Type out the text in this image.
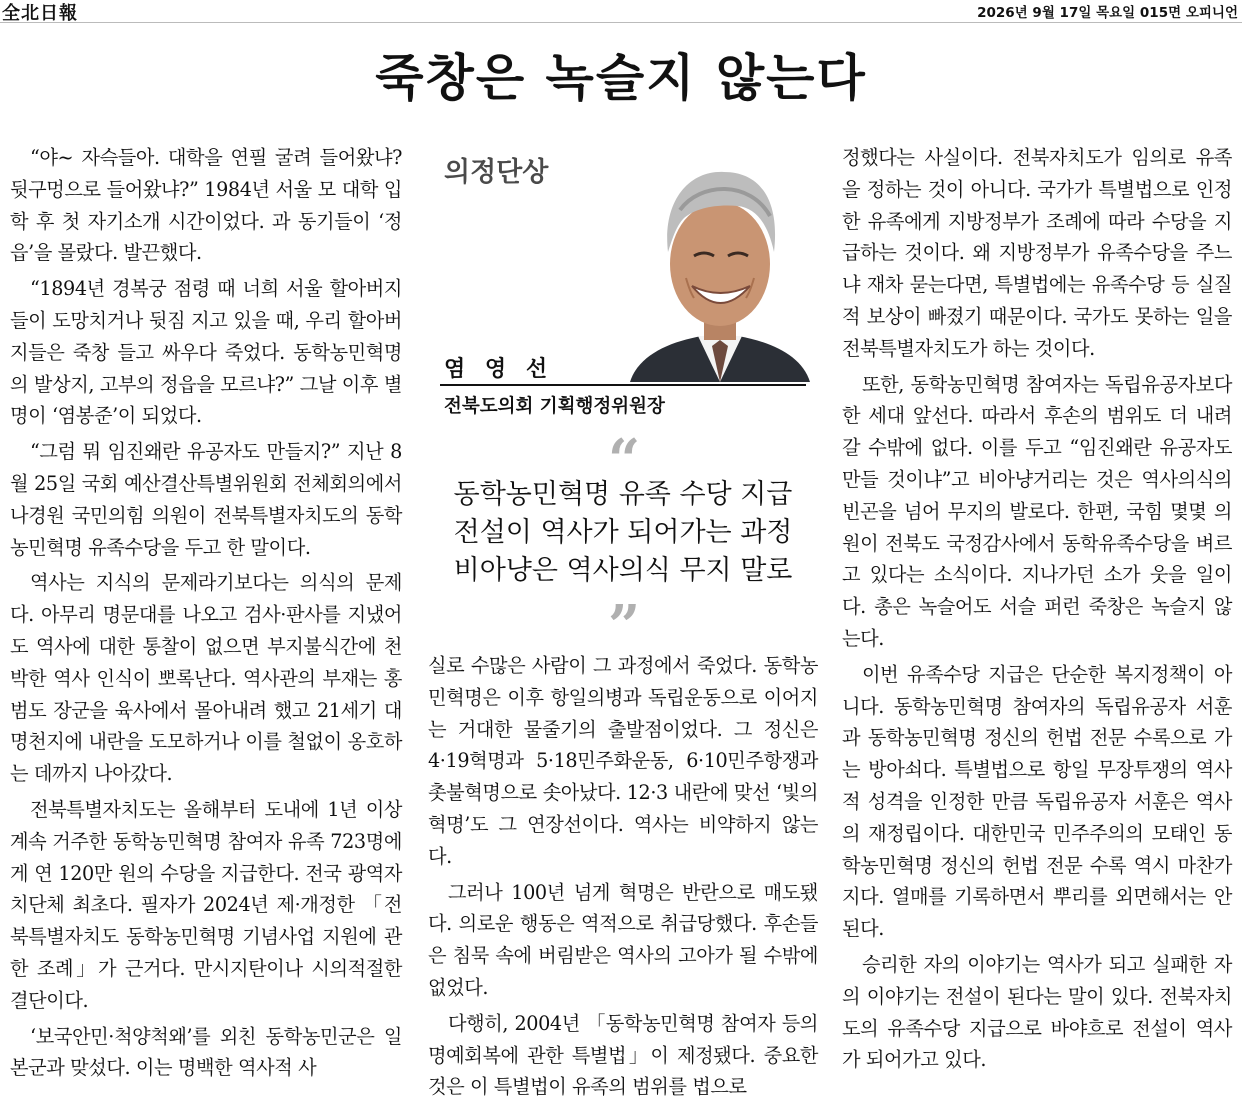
全北日報	2026년 9월 17일 목요일 015면 오피니언
죽창은 녹슬지 않는다

“야~ 자슥들아. 대학을 연필 굴려 들어왔냐? 뒷구멍으로 들어왔냐?” 1984년 서울 모 대학 입학 후 첫 자기소개 시간이었다. 과 동기들이 ‘정읍’을 몰랐다. 발끈했다.

“1894년 경복궁 점령 때 너희 서울 할아버지들이 도망치거나 뒷짐 지고 있을 때, 우리 할아버지들은 죽창 들고 싸우다 죽었다. 동학농민혁명의 발상지, 고부의 정읍을 모르냐?” 그날 이후 별명이 ‘염봉준’이 되었다.

“그럼 뭐 임진왜란 유공자도 만들지?” 지난 8월 25일 국회 예산결산특별위원회 전체회의에서 나경원 국민의힘 의원이 전북특별자치도의 동학농민혁명 유족수당을 두고 한 말이다.

역사는 지식의 문제라기보다는 의식의 문제다. 아무리 명문대를 나오고 검사·판사를 지냈어도 역사에 대한 통찰이 없으면 부지불식간에 천박한 역사 인식이 뽀록난다. 역사관의 부재는 홍범도 장군을 육사에서 몰아내려 했고 21세기 대명천지에 내란을 도모하거나 이를 철없이 옹호하는 데까지 나아갔다.

전북특별자치도는 올해부터 도내에 1년 이상 계속 거주한 동학농민혁명 참여자 유족 723명에게 연 120만 원의 수당을 지급한다. 전국 광역자치단체 최초다. 필자가 2024년 제·개정한 「전북특별자치도 동학농민혁명 기념사업 지원에 관한 조례」가 근거다. 만시지탄이나 시의적절한 결단이다.

‘보국안민·척양척왜’를 외친 동학농민군은 일본군과 맞섰다. 이는 명백한 역사적 사

의정단상
염 영 선
전북도의회 기획행정위원장
“
동학농민혁명 유족 수당 지급
전설이 역사가 되어가는 과정
비아냥은 역사의식 무지 말로
”

실로 수많은 사람이 그 과정에서 죽었다. 동학농민혁명은 이후 항일의병과 독립운동으로 이어지는 거대한 물줄기의 출발점이었다. 그 정신은 4·19혁명과 5·18민주화운동, 6·10민주항쟁과 촛불혁명으로 솟아났다. 12·3 내란에 맞선 ‘빛의 혁명’도 그 연장선이다. 역사는 비약하지 않는다.

그러나 100년 넘게 혁명은 반란으로 매도됐다. 의로운 행동은 역적으로 취급당했다. 후손들은 침묵 속에 버림받은 역사의 고아가 될 수밖에 없었다.

다행히, 2004년 「동학농민혁명 참여자 등의 명예회복에 관한 특별법」이 제정됐다. 중요한 것은 이 특별법이 유족의 범위를 법으로

정했다는 사실이다. 전북자치도가 임의로 유족을 정하는 것이 아니다. 국가가 특별법으로 인정한 유족에게 지방정부가 조례에 따라 수당을 지급하는 것이다. 왜 지방정부가 유족수당을 주느냐 재차 묻는다면, 특별법에는 유족수당 등 실질적 보상이 빠졌기 때문이다. 국가도 못하는 일을 전북특별자치도가 하는 것이다.

또한, 동학농민혁명 참여자는 독립유공자보다 한 세대 앞선다. 따라서 후손의 범위도 더 내려갈 수밖에 없다. 이를 두고 “임진왜란 유공자도 만들 것이냐”고 비아냥거리는 것은 역사의식의 빈곤을 넘어 무지의 발로다. 한편, 국힘 몇몇 의원이 전북도 국정감사에서 동학유족수당을 벼르고 있다는 소식이다. 지나가던 소가 웃을 일이다. 총은 녹슬어도 서슬 퍼런 죽창은 녹슬지 않는다.

이번 유족수당 지급은 단순한 복지정책이 아니다. 동학농민혁명 참여자의 독립유공자 서훈과 동학농민혁명 정신의 헌법 전문 수록으로 가는 방아쇠다. 특별법으로 항일 무장투쟁의 역사적 성격을 인정한 만큼 독립유공자 서훈은 역사의 재정립이다. 대한민국 민주주의의 모태인 동학농민혁명 정신의 헌법 전문 수록 역시 마찬가지다. 열매를 기록하면서 뿌리를 외면해서는 안 된다.

승리한 자의 이야기는 역사가 되고 실패한 자의 이야기는 전설이 된다는 말이 있다. 전북자치도의 유족수당 지급으로 바야흐로 전설이 역사가 되어가고 있다.
